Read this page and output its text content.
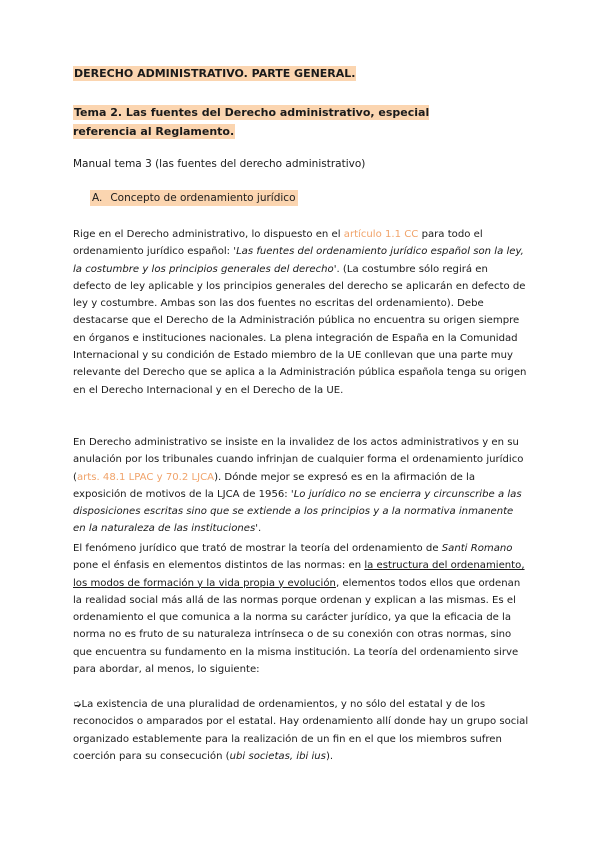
DERECHO ADMINISTRATIVO. PARTE GENERAL.
Tema 2. Las fuentes del Derecho administrativo, especial referencia al Reglamento.
Manual tema 3 (las fuentes del derecho administrativo)
A. Concepto de ordenamiento jurídico

Rige en el Derecho administrativo, lo dispuesto en el artículo 1.1 CC para todo el ordenamiento jurídico español: 'Las fuentes del ordenamiento jurídico español son la ley, la costumbre y los principios generales del derecho'. (La costumbre sólo regirá en defecto de ley aplicable y los principios generales del derecho se aplicarán en defecto de ley y costumbre. Ambas son las dos fuentes no escritas del ordenamiento). Debe destacarse que el Derecho de la Administración pública no encuentra su origen siempre en órganos e instituciones nacionales. La plena integración de España en la Comunidad Internacional y su condición de Estado miembro de la UE conllevan que una parte muy relevante del Derecho que se aplica a la Administración pública española tenga su origen en el Derecho Internacional y en el Derecho de la UE.

En Derecho administrativo se insiste en la invalidez de los actos administrativos y en su anulación por los tribunales cuando infrinjan de cualquier forma el ordenamiento jurídico (arts. 48.1 LPAC y 70.2 LJCA). Dónde mejor se expresó es en la afirmación de la exposición de motivos de la LJCA de 1956: 'Lo jurídico no se encierra y circunscribe a las disposiciones escritas sino que se extiende a los principios y a la normativa inmanente en la naturaleza de las instituciones'.

El fenómeno jurídico que trató de mostrar la teoría del ordenamiento de Santi Romano pone el énfasis en elementos distintos de las normas: en la estructura del ordenamiento, los modos de formación y la vida propia y evolución, elementos todos ellos que ordenan la realidad social más allá de las normas porque ordenan y explican a las mismas. Es el ordenamiento el que comunica a la norma su carácter jurídico, ya que la eficacia de la norma no es fruto de su naturaleza intrínseca o de su conexión con otras normas, sino que encuentra su fundamento en la misma institución. La teoría del ordenamiento sirve para abordar, al menos, lo siguiente:

➭La existencia de una pluralidad de ordenamientos, y no sólo del estatal y de los reconocidos o amparados por el estatal. Hay ordenamiento allí donde hay un grupo social organizado establemente para la realización de un fin en el que los miembros sufren coerción para su consecución (ubi societas, ibi ius).
